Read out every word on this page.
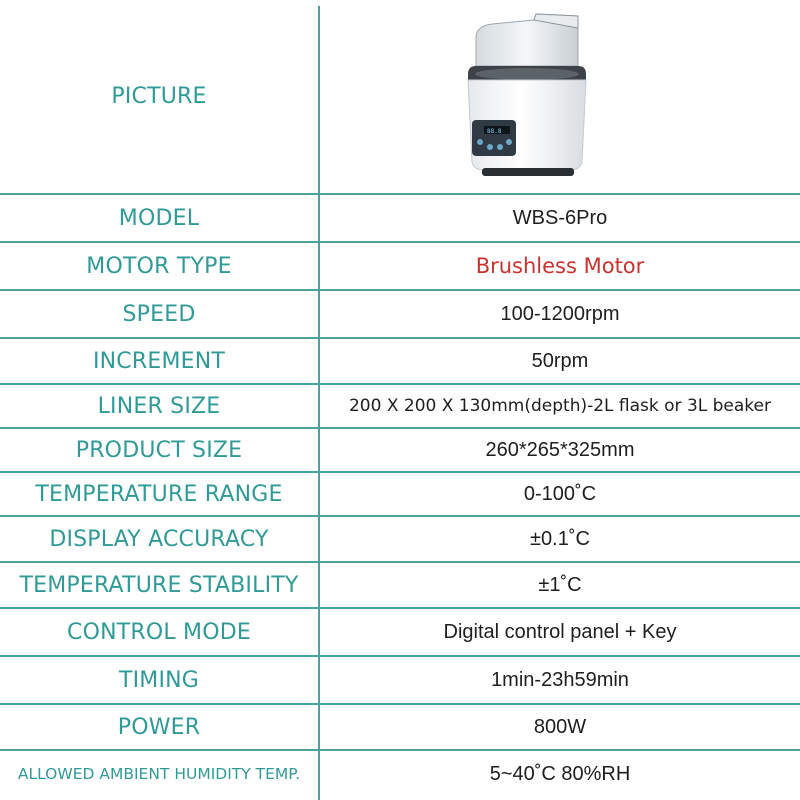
PICTURE
88.8
MODEL	WBS-6Pro
MOTOR TYPE	Brushless Motor
SPEED	100-1200rpm
INCREMENT	50rpm
LINER SIZE	200 X 200 X 130mm(depth)-2L flask or 3L beaker
PRODUCT SIZE	260*265*325mm
TEMPERATURE RANGE	0-100˚C
DISPLAY ACCURACY	±0.1˚C
TEMPERATURE STABILITY	±1˚C
CONTROL MODE	Digital control panel + Key
TIMING	1min-23h59min
POWER	800W
ALLOWED AMBIENT HUMIDITY TEMP.	5~40˚C 80%RH
